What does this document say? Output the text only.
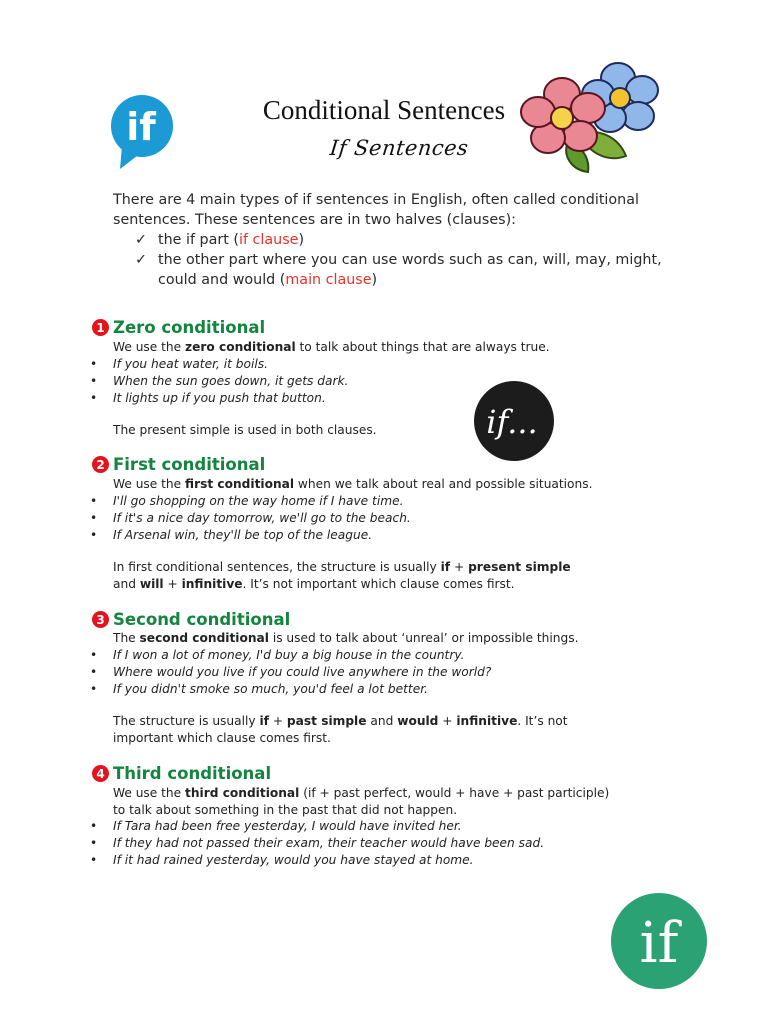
if	Conditional Sentences
If Sentences

There are 4 main types of if sentences in English, often called conditional sentences. These sentences are in two halves (clauses):

✓ the if part (if clause)
✓ the other part where you can use words such as can, will, may, might, could and would (main clause)
1 Zero conditional
We use the zero conditional to talk about things that are always true.
• If you heat water, it boils.
• When the sun goes down, it gets dark.
• It lights up if you push that button.

The present simple is used in both clauses.	if...
2 First conditional
We use the first conditional when we talk about real and possible situations.
• I'll go shopping on the way home if I have time.
• If it's a nice day tomorrow, we'll go to the beach.
• If Arsenal win, they'll be top of the league.

In first conditional sentences, the structure is usually if + present simple and will + infinitive. It’s not important which clause comes first.

3 Second conditional
The second conditional is used to talk about ‘unreal’ or impossible things.
• If I won a lot of money, I'd buy a big house in the country.
• Where would you live if you could live anywhere in the world?
• If you didn't smoke so much, you'd feel a lot better.

The structure is usually if + past simple and would + infinitive. It’s not important which clause comes first.

4 Third conditional
We use the third conditional (if + past perfect, would + have + past participle)
to talk about something in the past that did not happen.
• If Tara had been free yesterday, I would have invited her.
• If they had not passed their exam, their teacher would have been sad.
• If it had rained yesterday, would you have stayed at home.
if
